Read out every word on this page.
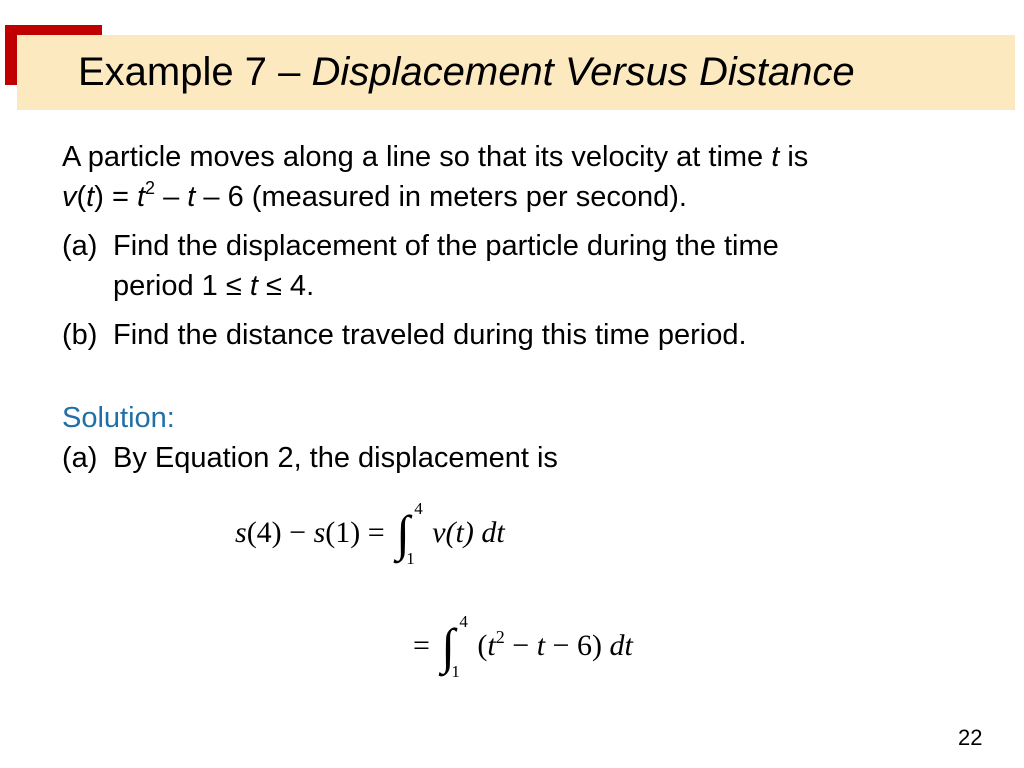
Example 7 – Displacement Versus Distance
A particle moves along a line so that its velocity at time t is
$v(t) = t^2 - t - 6$ (measured in meters per second).
(a) Find the displacement of the particle during the time
period 1 ≤ t ≤ 4.
(b) Find the distance traveled during this time period.
Solution:
(a) By Equation 2, the displacement is
s(4) − s(1) = ∫ 4
1
v(t) dt
= ∫ 4
1
$(t^2 - t - 6)$ dt
22
